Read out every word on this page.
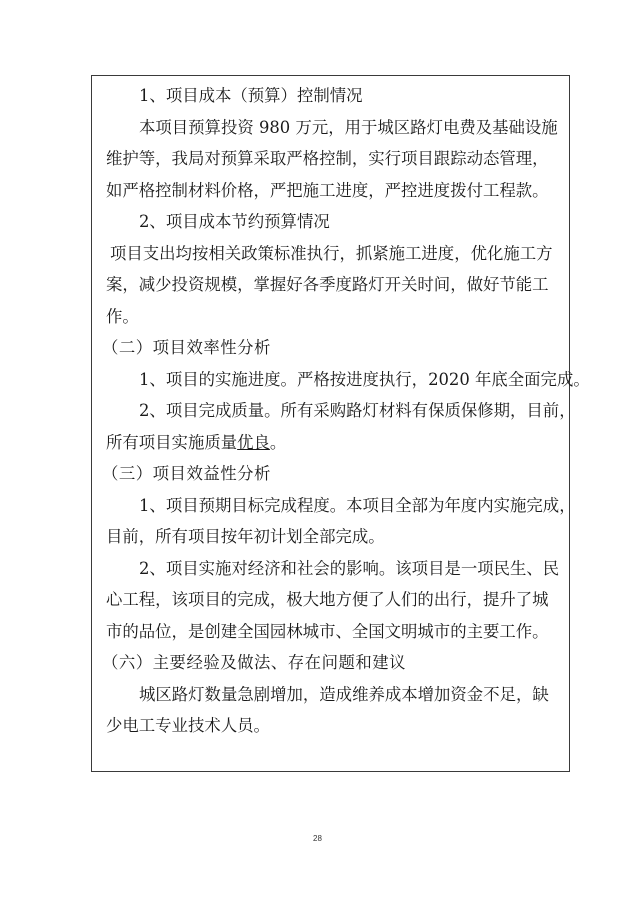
1、项目成本（预算）控制情况

本项目预算投资 980 万元，用于城区路灯电费及基础设施

维护等，我局对预算采取严格控制，实行项目跟踪动态管理，

如严格控制材料价格，严把施工进度，严控进度拨付工程款。

2、项目成本节约预算情况

项目支出均按相关政策标准执行，抓紧施工进度，优化施工方

案，减少投资规模，掌握好各季度路灯开关时间，做好节能工

作。

（二）项目效率性分析

1、项目的实施进度。严格按进度执行，2020 年底全面完成。

2、项目完成质量。所有采购路灯材料有保质保修期，目前，

所有项目实施质量优良。

（三）项目效益性分析

1、项目预期目标完成程度。本项目全部为年度内实施完成，

目前，所有项目按年初计划全部完成。

2、项目实施对经济和社会的影响。该项目是一项民生、民

心工程，该项目的完成，极大地方便了人们的出行，提升了城

市的品位，是创建全国园林城市、全国文明城市的主要工作。

（六）主要经验及做法、存在问题和建议

城区路灯数量急剧增加，造成维养成本增加资金不足，缺

少电工专业技术人员。

28
